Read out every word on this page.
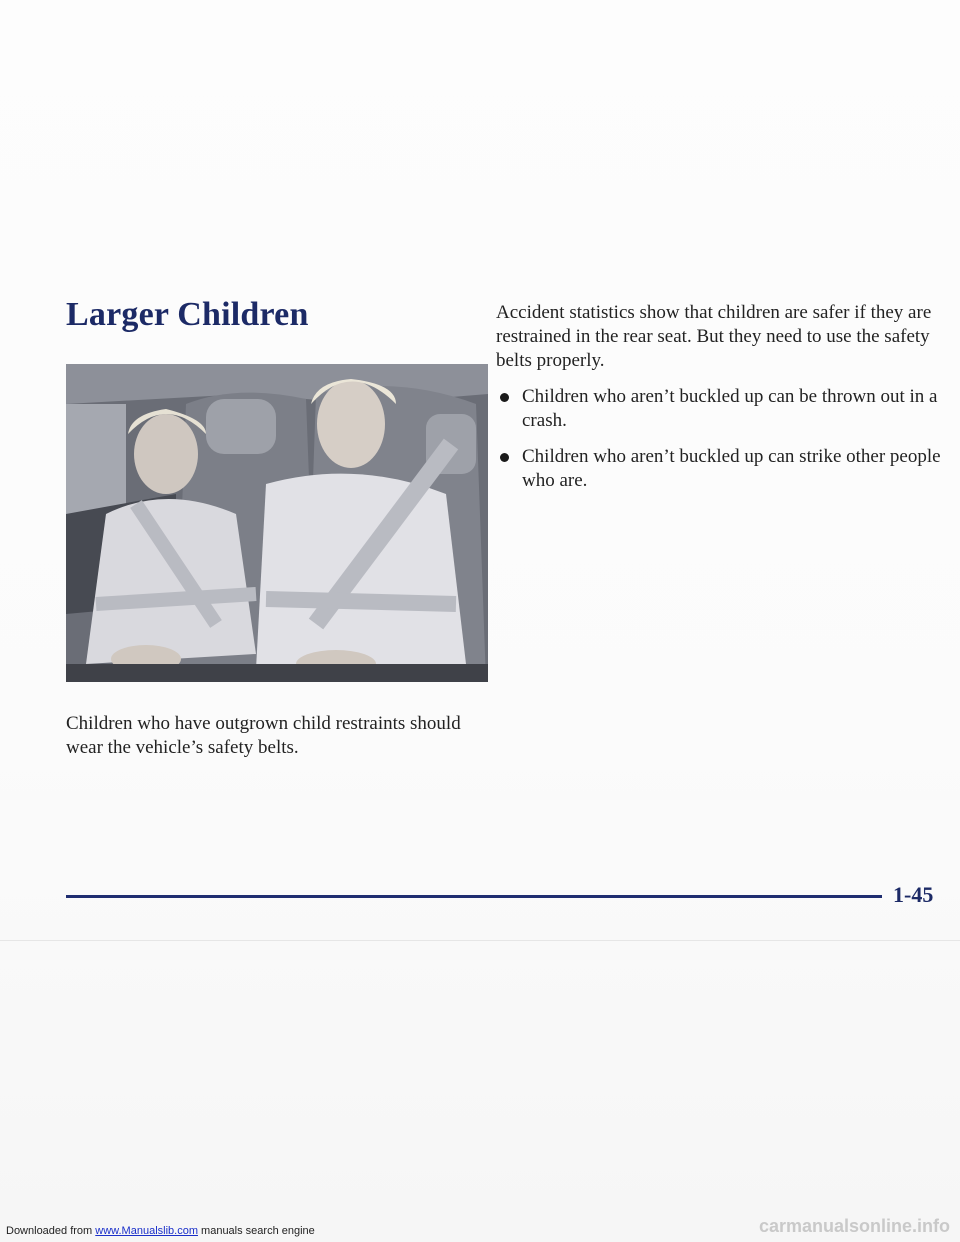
Larger Children

Children who have outgrown child restraints should wear the vehicle’s safety belts.

Accident statistics show that children are safer if they are restrained in the rear seat. But they need to use the safety belts properly.

Children who aren’t buckled up can be thrown out in a crash.
Children who aren’t buckled up can strike other people who are.

1-45

Downloaded from www.Manualslib.com manuals search engine	carmanualsonline.info
